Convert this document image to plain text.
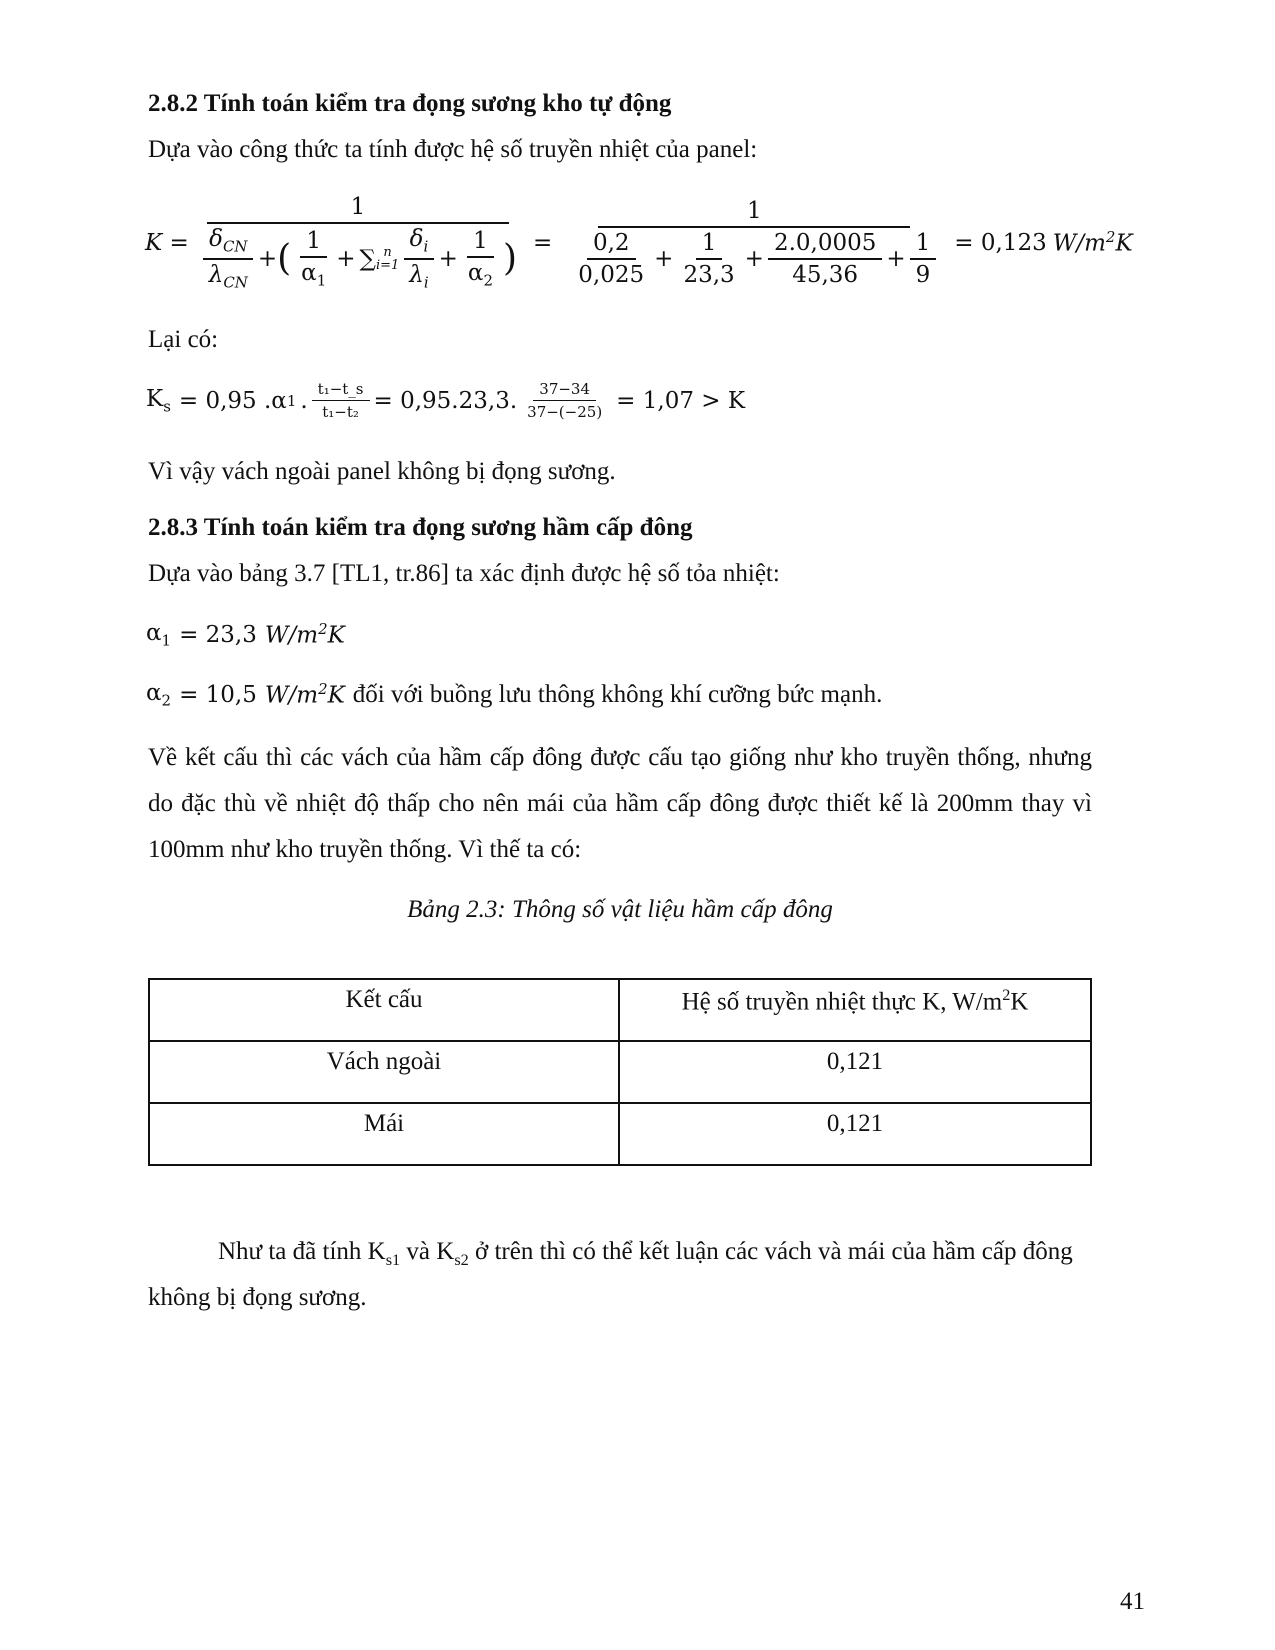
2.8.2 Tính toán kiểm tra đọng sương kho tự động
Dựa vào công thức ta tính được hệ số truyền nhiệt của panel:
K =
1
$\frac{\delta_{CN}}{\lambda_{CN}}$ + ( $\frac{1}{\alpha_1}$ + ∑ n
$i=1 \frac{\delta_i}{\lambda_i} + \frac{1}{\alpha_2}$ ) =
1
$\frac{0,2}{0,025} + \frac{1}{23,3} + \frac{2.0,0005}{45,36} + \frac{1}{9} = 0,123$ $W/m^2K$
Lại có:
$K_s = 0,95$ .α 1 . $\frac{\text{t₁−t\_s}}{\text{t₁−t₂}} = 0,95.23,3$. $\frac{37-34}{37-(-25)} = 1,07 > K$
Vì vậy vách ngoài panel không bị đọng sương.
2.8.3 Tính toán kiểm tra đọng sương hầm cấp đông
Dựa vào bảng 3.7 [TL1, tr.86] ta xác định được hệ số tỏa nhiệt:
$\alpha_1 = 23,3$ $W/m^2K$
$\alpha_2 = 10,5$ $W/m^2K$ đối với buồng lưu thông không khí cưỡng bức mạnh.
Về kết cấu thì các vách của hầm cấp đông được cấu tạo giống như kho truyền thống, nhưng
do đặc thù về nhiệt độ thấp cho nên mái của hầm cấp đông được thiết kế là 200mm thay vì
100mm như kho truyền thống. Vì thế ta có:
Bảng 2.3: Thông số vật liệu hầm cấp đông
Kết cấu	Hệ số truyền nhiệt thực K, $W/m^2K$
Vách ngoài	0,121
Mái	0,121
Như ta đã tính $K_{s1}$ và $K_{s2}$ ở trên thì có thể kết luận các vách và mái của hầm cấp đông
không bị đọng sương.
41
